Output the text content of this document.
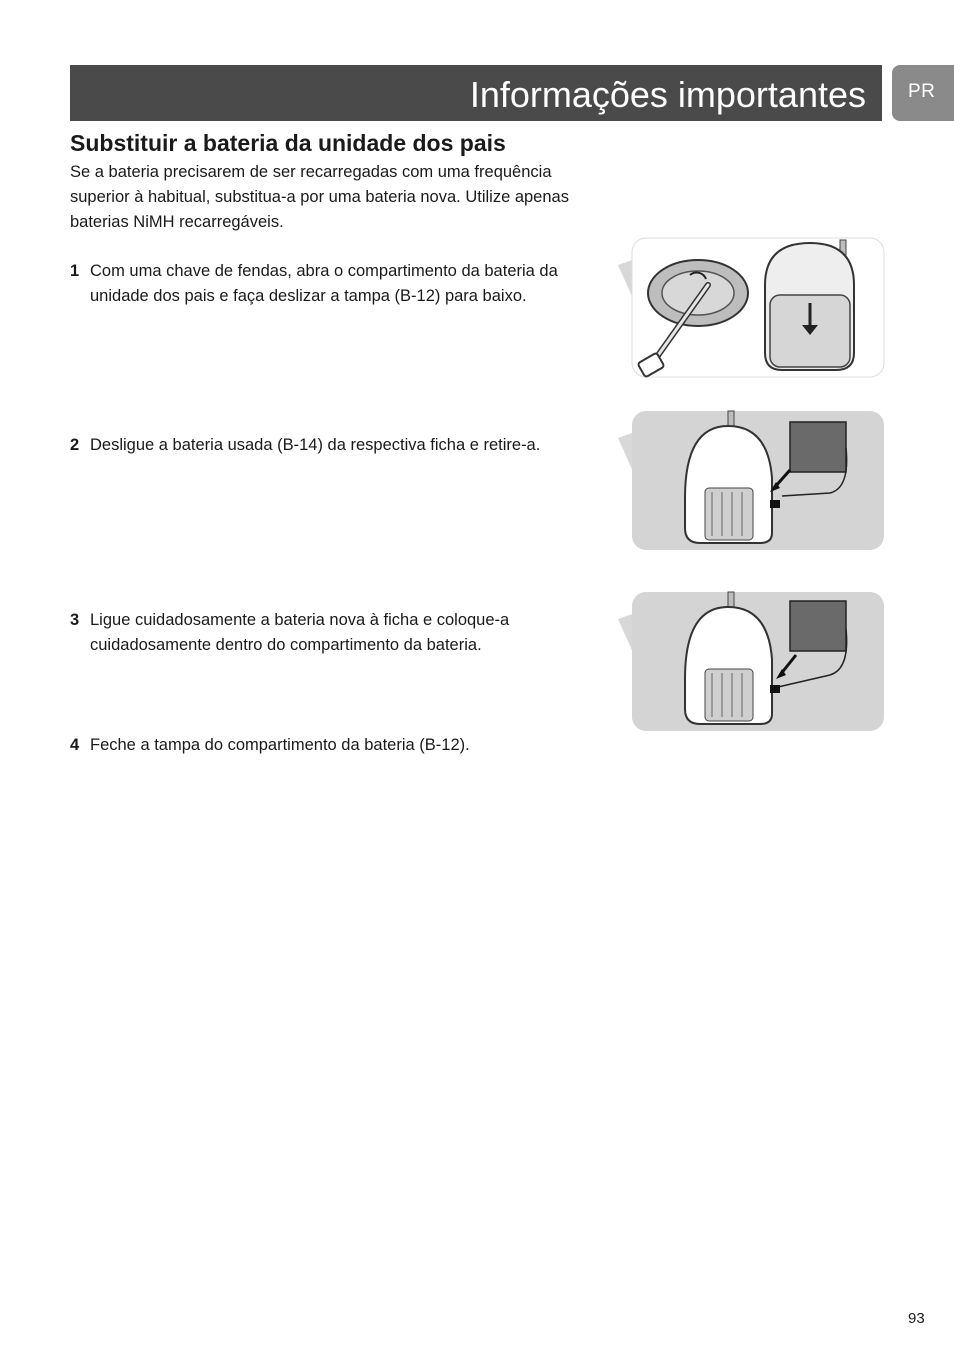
Informações importantes PR
Substituir a bateria da unidade dos pais

Se a bateria precisarem de ser recarregadas com uma frequência superior à habitual, substitua-a por uma bateria nova. Utilize apenas baterias NiMH recarregáveis.

1 Com uma chave de fendas, abra o compartimento da bateria da unidade dos pais e faça deslizar a tampa (B-12) para baixo.
2 Desligue a bateria usada (B-14) da respectiva ficha e retire-a.
3 Ligue cuidadosamente a bateria nova à ficha e coloque-a cuidadosamente dentro do compartimento da bateria.
4 Feche a tampa do compartimento da bateria (B-12).
93
